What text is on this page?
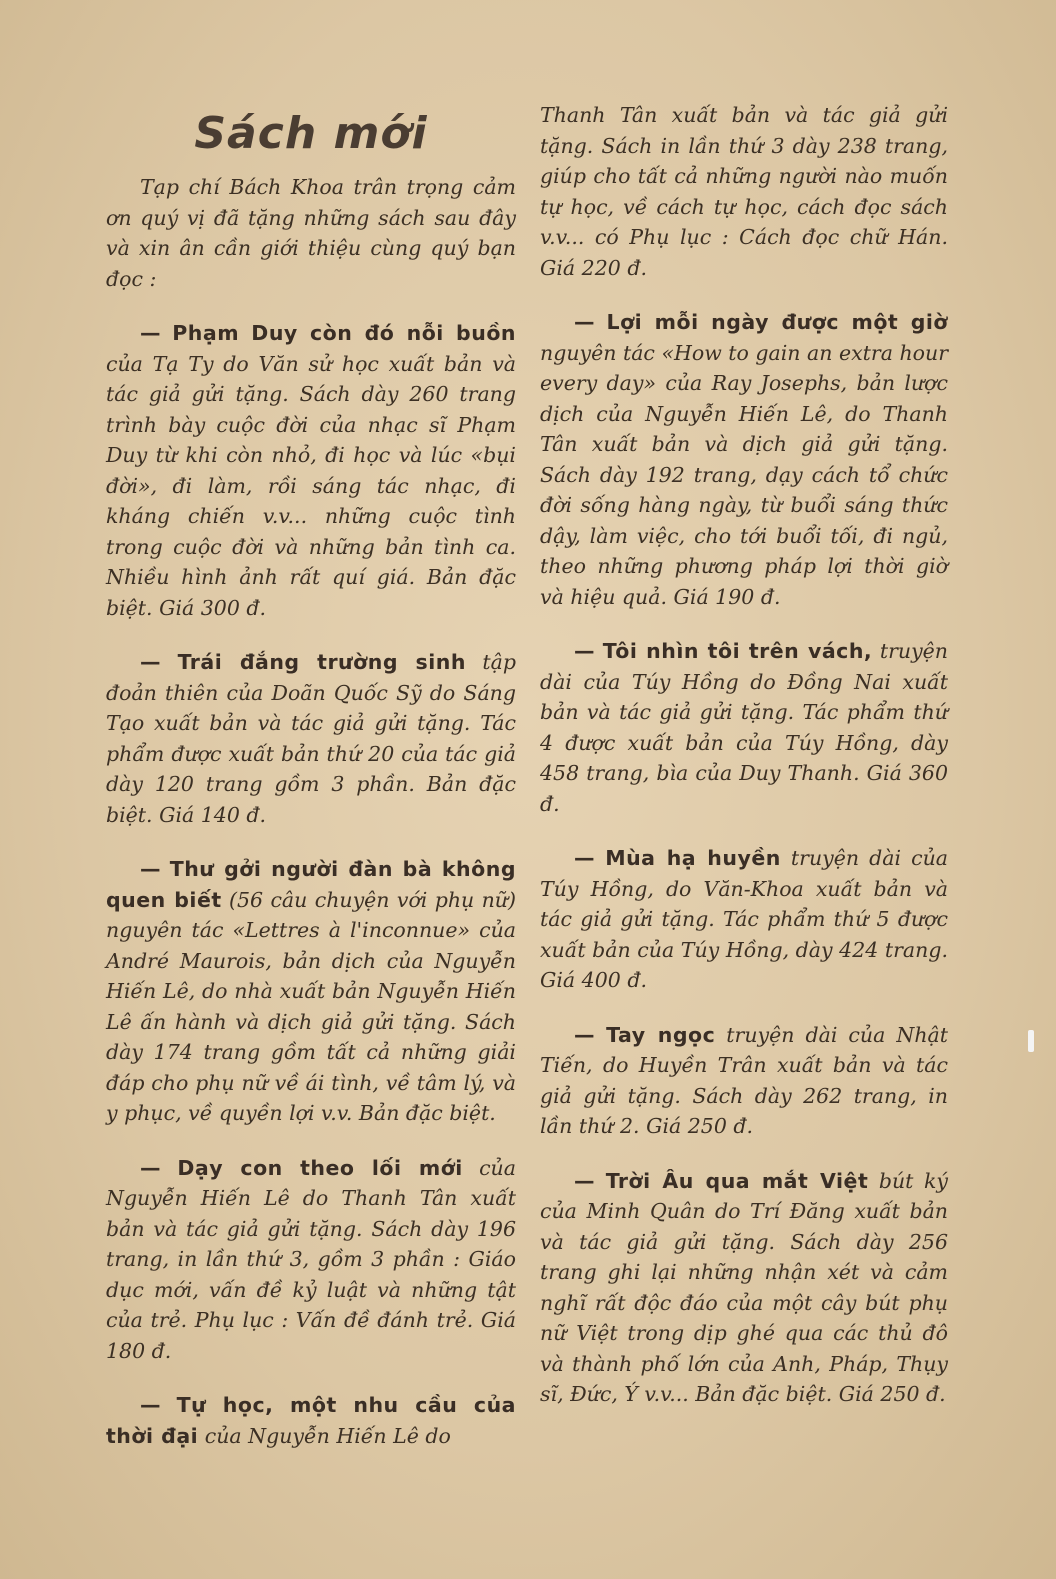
Sách mới

Tạp chí Bách Khoa trân trọng cảm ơn quý vị đã tặng những sách sau đây và xin ân cần giới thiệu cùng quý bạn đọc :

— Phạm Duy còn đó nỗi buồn của Tạ Ty do Văn sử học xuất bản và tác giả gửi tặng. Sách dày 260 trang trình bày cuộc đời của nhạc sĩ Phạm Duy từ khi còn nhỏ, đi học và lúc «bụi đời», đi làm, rồi sáng tác nhạc, đi kháng chiến v.v... những cuộc tình trong cuộc đời và những bản tình ca. Nhiều hình ảnh rất quí giá. Bản đặc biệt. Giá 300 đ.

— Trái đắng trường sinh tập đoản thiên của Doãn Quốc Sỹ do Sáng Tạo xuất bản và tác giả gửi tặng. Tác phẩm được xuất bản thứ 20 của tác giả dày 120 trang gồm 3 phần. Bản đặc biệt. Giá 140 đ.

— Thư gởi người đàn bà không quen biết (56 câu chuyện với phụ nữ) nguyên tác «Lettres à l'inconnue» của André Maurois, bản dịch của Nguyễn Hiến Lê, do nhà xuất bản Nguyễn Hiến Lê ấn hành và dịch giả gửi tặng. Sách dày 174 trang gồm tất cả những giải đáp cho phụ nữ về ái tình, về tâm lý, và y phục, về quyền lợi v.v. Bản đặc biệt.

— Dạy con theo lối mới của Nguyễn Hiến Lê do Thanh Tân xuất bản và tác giả gửi tặng. Sách dày 196 trang, in lần thứ 3, gồm 3 phần : Giáo dục mới, vấn đề kỷ luật và những tật của trẻ. Phụ lục : Vấn đề đánh trẻ. Giá 180 đ.

— Tự học, một nhu cầu của thời đại của Nguyễn Hiến Lê do

Thanh Tân xuất bản và tác giả gửi tặng. Sách in lần thứ 3 dày 238 trang, giúp cho tất cả những người nào muốn tự học, về cách tự học, cách đọc sách v.v... có Phụ lục : Cách đọc chữ Hán. Giá 220 đ.

— Lợi mỗi ngày được một giờ nguyên tác «How to gain an extra hour every day» của Ray Josephs, bản lược dịch của Nguyễn Hiến Lê, do Thanh Tân xuất bản và dịch giả gửi tặng. Sách dày 192 trang, dạy cách tổ chức đời sống hàng ngày, từ buổi sáng thức dậy, làm việc, cho tới buổi tối, đi ngủ, theo những phương pháp lợi thời giờ và hiệu quả. Giá 190 đ.

— Tôi nhìn tôi trên vách, truyện dài của Túy Hồng do Đồng Nai xuất bản và tác giả gửi tặng. Tác phẩm thứ 4 được xuất bản của Túy Hồng, dày 458 trang, bìa của Duy Thanh. Giá 360 đ.

— Mùa hạ huyền truyện dài của Túy Hồng, do Văn-Khoa xuất bản và tác giả gửi tặng. Tác phẩm thứ 5 được xuất bản của Túy Hồng, dày 424 trang. Giá 400 đ.

— Tay ngọc truyện dài của Nhật Tiến, do Huyền Trân xuất bản và tác giả gửi tặng. Sách dày 262 trang, in lần thứ 2. Giá 250 đ.

— Trời Âu qua mắt Việt bút ký của Minh Quân do Trí Đăng xuất bản và tác giả gửi tặng. Sách dày 256 trang ghi lại những nhận xét và cảm nghĩ rất độc đáo của một cây bút phụ nữ Việt trong dịp ghé qua các thủ đô và thành phố lớn của Anh, Pháp, Thụy sĩ, Đức, Ý v.v... Bản đặc biệt. Giá 250 đ.
